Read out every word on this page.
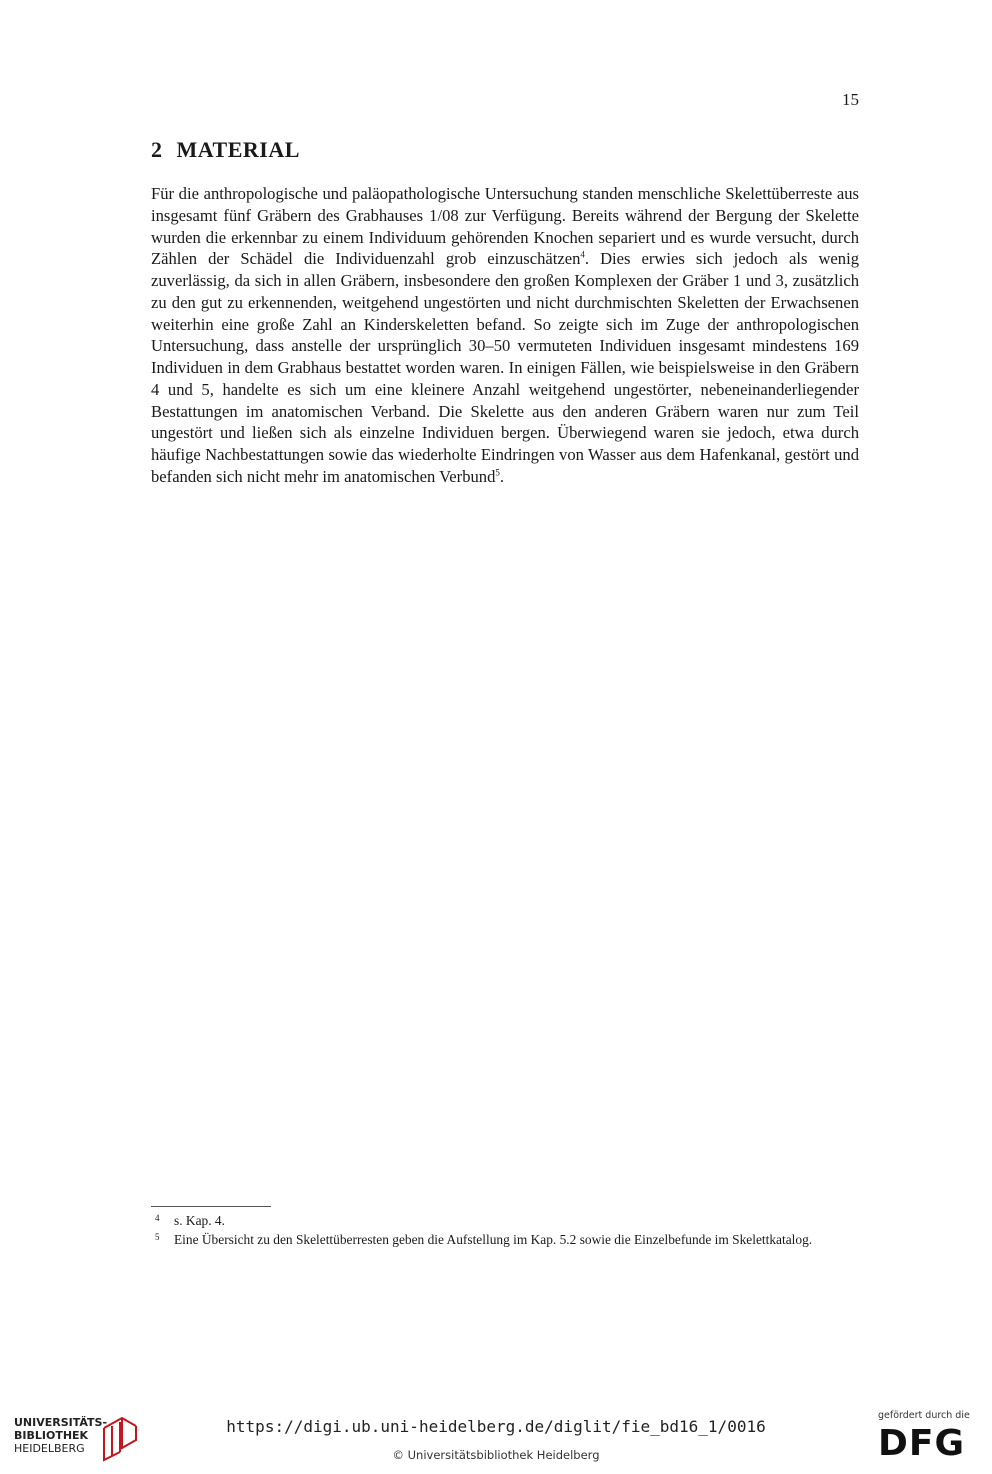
15
2 MATERIAL

Für die anthropologische und paläopathologische Untersuchung standen menschliche Skelettüberreste aus insgesamt fünf Gräbern des Grabhauses 1/08 zur Verfügung. Bereits während der Bergung der Skelette wurden die erkennbar zu einem Individuum gehörenden Knochen separiert und es wurde versucht, durch Zählen der Schädel die Individuenzahl grob einzuschätzen$^4$. Dies erwies sich jedoch als wenig zuverlässig, da sich in allen Gräbern, insbesondere den großen Komplexen der Gräber 1 und 3, zusätzlich zu den gut zu erkennenden, weitgehend ungestörten und nicht durchmischten Skeletten der Erwachsenen weiterhin eine große Zahl an Kinderskeletten befand. So zeigte sich im Zuge der anthropologischen Untersuchung, dass anstelle der ursprünglich 30–50 vermuteten Individuen insgesamt mindestens 169 Individuen in dem Grabhaus bestattet worden waren. In einigen Fällen, wie beispielsweise in den Gräbern 4 und 5, handelte es sich um eine kleinere Anzahl weitgehend ungestörter, nebeneinanderliegender Bestattungen im anatomischen Verband. Die Skelette aus den anderen Gräbern waren nur zum Teil ungestört und ließen sich als einzelne Individuen bergen. Überwiegend waren sie jedoch, etwa durch häufige Nachbestattungen sowie das wiederholte Eindringen von Wasser aus dem Hafenkanal, gestört und befanden sich nicht mehr im anatomischen Verbund$^5$.

4 s. Kap. 4.
5 Eine Übersicht zu den Skelettüberresten geben die Aufstellung im Kap. 5.2 sowie die Einzelbefunde im Skelettkatalog.
UNIVERSITÄTS-
BIBLIOTHEK
HEIDELBERG
https://digi.ub.uni-heidelberg.de/diglit/fie_bd16_1/0016
© Universitätsbibliothek Heidelberg
gefördert durch die
DFG
